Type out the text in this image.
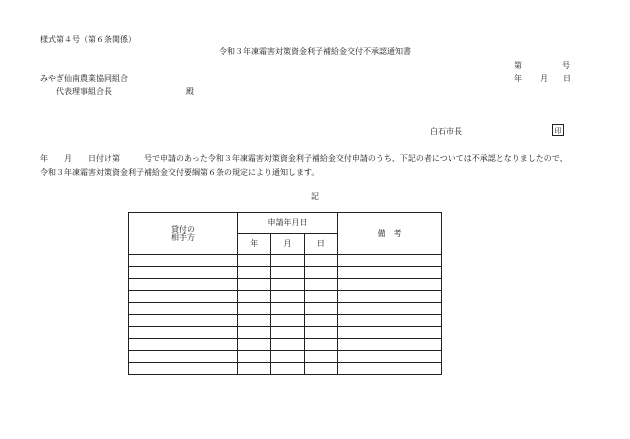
様式第４号（第６条関係）
令和３年凍霜害対策資金利子補給金交付不承認通知書
第	号
みやぎ仙南農業協同組合	年 月 日
代表理事組合長	殿
白石市長	印
年　　月　　日付け第　　　号で申請のあった令和３年凍霜害対策資金利子補給金交付申請のうち、下記の者については不承認となりましたので、
令和３年凍霜害対策資金利子補給金交付要綱第６条の規定により通知します。
記
貸付の
相手方	申請年月日			備　考
	年	月	日	
